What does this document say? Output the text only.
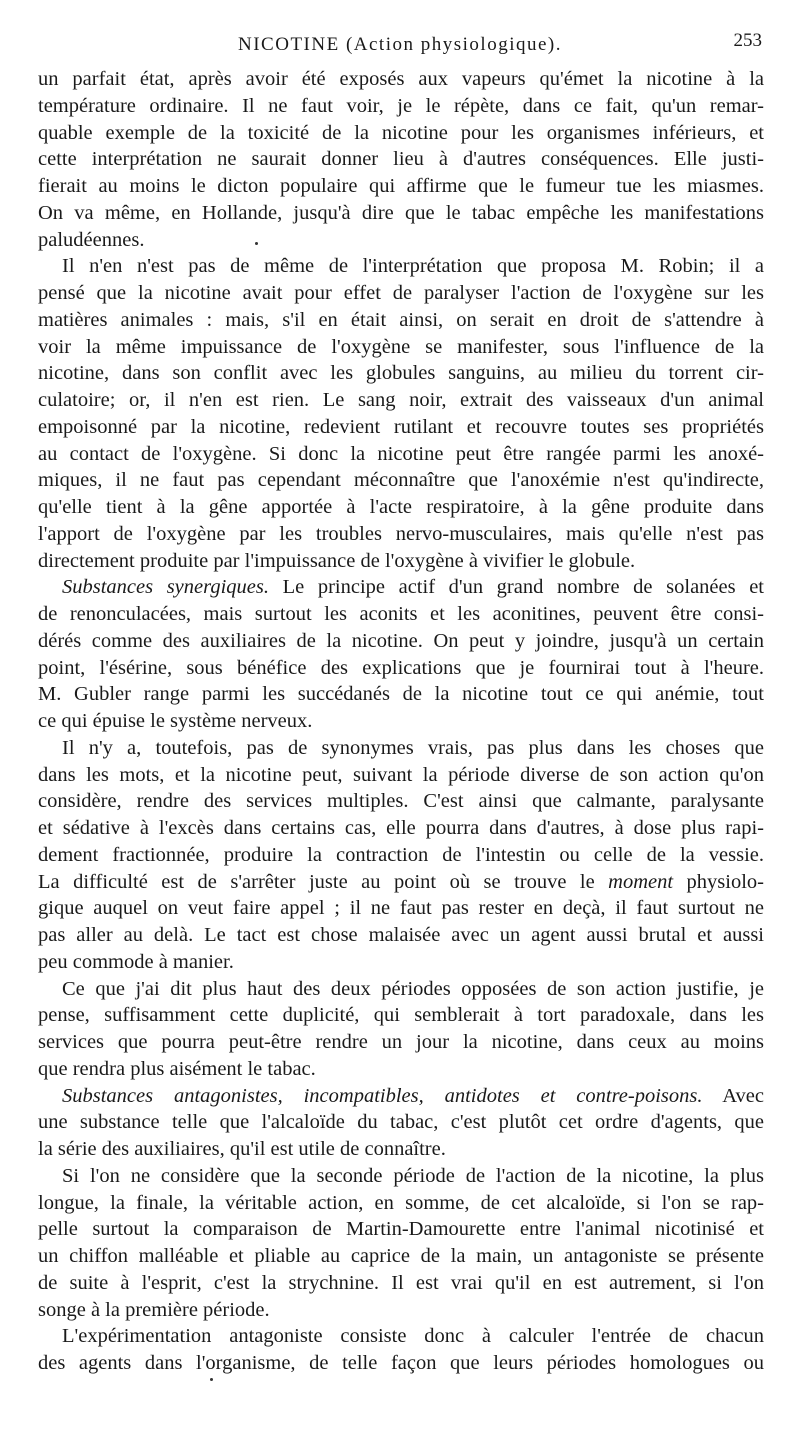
NICOTINE (Action physiologique).	253
un parfait état, après avoir été exposés aux vapeurs qu'émet la nicotine à la
température ordinaire. Il ne faut voir, je le répète, dans ce fait, qu'un remar-
quable exemple de la toxicité de la nicotine pour les organismes inférieurs, et
cette interprétation ne saurait donner lieu à d'autres conséquences. Elle justi-
fierait au moins le dicton populaire qui affirme que le fumeur tue les miasmes.
On va même, en Hollande, jusqu'à dire que le tabac empêche les manifestations
paludéennes.
Il n'en n'est pas de même de l'interprétation que proposa M. Robin; il a
pensé que la nicotine avait pour effet de paralyser l'action de l'oxygène sur les
matières animales : mais, s'il en était ainsi, on serait en droit de s'attendre à
voir la même impuissance de l'oxygène se manifester, sous l'influence de la
nicotine, dans son conflit avec les globules sanguins, au milieu du torrent cir-
culatoire; or, il n'en est rien. Le sang noir, extrait des vaisseaux d'un animal
empoisonné par la nicotine, redevient rutilant et recouvre toutes ses propriétés
au contact de l'oxygène. Si donc la nicotine peut être rangée parmi les anoxé-
miques, il ne faut pas cependant méconnaître que l'anoxémie n'est qu'indirecte,
qu'elle tient à la gêne apportée à l'acte respiratoire, à la gêne produite dans
l'apport de l'oxygène par les troubles nervo-musculaires, mais qu'elle n'est pas
directement produite par l'impuissance de l'oxygène à vivifier le globule.
Substances synergiques. Le principe actif d'un grand nombre de solanées et
de renonculacées, mais surtout les aconits et les aconitines, peuvent être consi-
dérés comme des auxiliaires de la nicotine. On peut y joindre, jusqu'à un certain
point, l'ésérine, sous bénéfice des explications que je fournirai tout à l'heure.
M. Gubler range parmi les succédanés de la nicotine tout ce qui anémie, tout
ce qui épuise le système nerveux.
Il n'y a, toutefois, pas de synonymes vrais, pas plus dans les choses que
dans les mots, et la nicotine peut, suivant la période diverse de son action qu'on
considère, rendre des services multiples. C'est ainsi que calmante, paralysante
et sédative à l'excès dans certains cas, elle pourra dans d'autres, à dose plus rapi-
dement fractionnée, produire la contraction de l'intestin ou celle de la vessie.
La difficulté est de s'arrêter juste au point où se trouve le moment physiolo-
gique auquel on veut faire appel ; il ne faut pas rester en deçà, il faut surtout ne
pas aller au delà. Le tact est chose malaisée avec un agent aussi brutal et aussi
peu commode à manier.
Ce que j'ai dit plus haut des deux périodes opposées de son action justifie, je
pense, suffisamment cette duplicité, qui semblerait à tort paradoxale, dans les
services que pourra peut-être rendre un jour la nicotine, dans ceux au moins
que rendra plus aisément le tabac.
Substances antagonistes, incompatibles, antidotes et contre-poisons. Avec
une substance telle que l'alcaloïde du tabac, c'est plutôt cet ordre d'agents, que
la série des auxiliaires, qu'il est utile de connaître.
Si l'on ne considère que la seconde période de l'action de la nicotine, la plus
longue, la finale, la véritable action, en somme, de cet alcaloïde, si l'on se rap-
pelle surtout la comparaison de Martin-Damourette entre l'animal nicotinisé et
un chiffon malléable et pliable au caprice de la main, un antagoniste se présente
de suite à l'esprit, c'est la strychnine. Il est vrai qu'il en est autrement, si l'on
songe à la première période.
L'expérimentation antagoniste consiste donc à calculer l'entrée de chacun
des agents dans l'organisme, de telle façon que leurs périodes homologues ou
